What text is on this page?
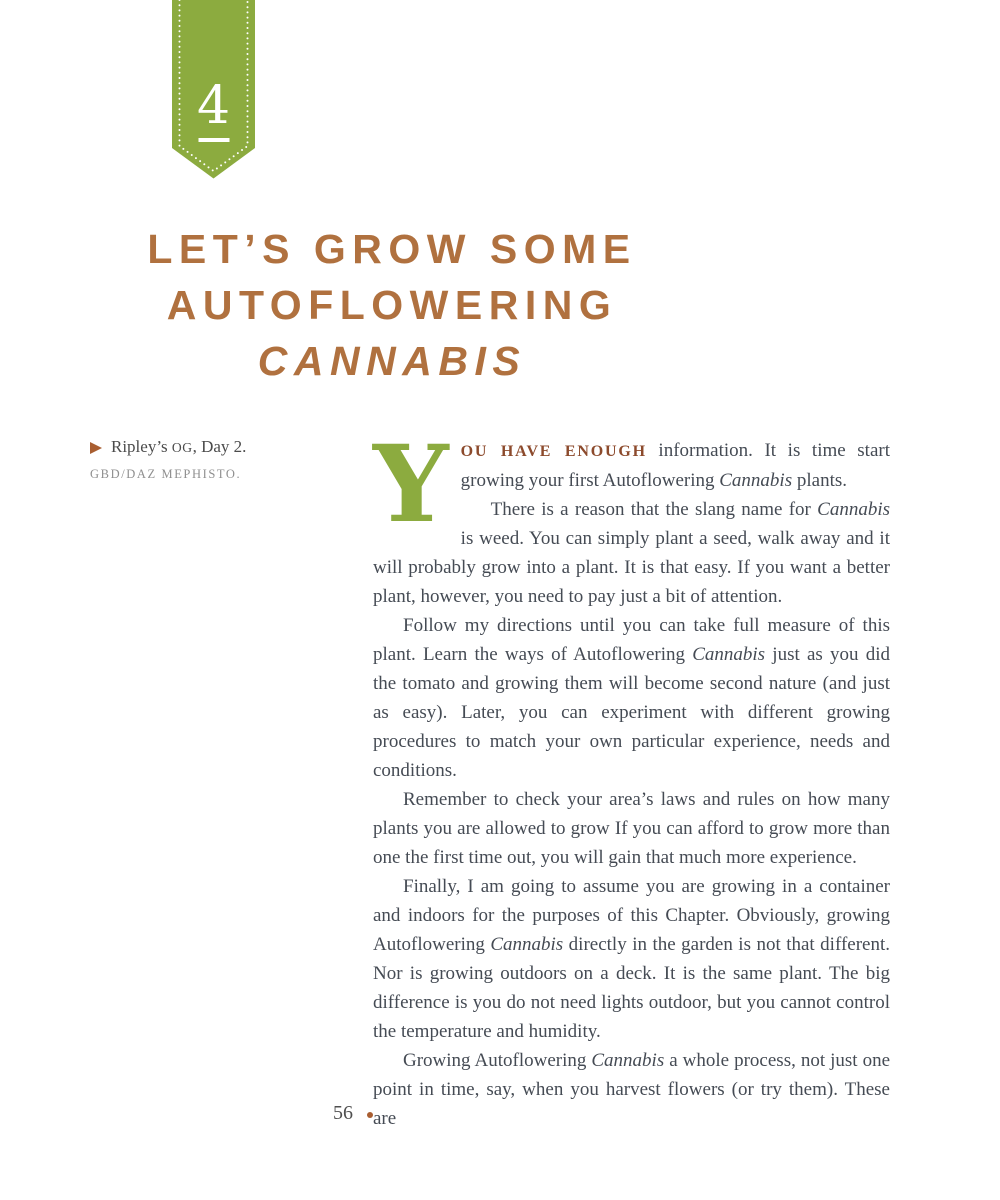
4
LET’S GROW SOME
AUTOFLOWERING
CANNABIS
Ripley’s OG, Day 2.
GBD/DAZ MEPHISTO.	YOU HAVE ENOUGH information. It is time start growing your first Autoflowering Cannabis plants.

There is a reason that the slang name for Cannabis is weed. You can simply plant a seed, walk away and it will probably grow into a plant. It is that easy. If you want a better plant, however, you need to pay just a bit of attention.

Follow my directions until you can take full measure of this plant. Learn the ways of Autoflowering Cannabis just as you did the tomato and growing them will become second nature (and just as easy). Later, you can experiment with different growing procedures to match your own particular experience, needs and conditions.

Remember to check your area’s laws and rules on how many plants you are allowed to grow If you can afford to grow more than one the first time out, you will gain that much more experience.

Finally, I am going to assume you are growing in a container and indoors for the purposes of this Chapter. Obviously, growing Autoflowering Cannabis directly in the garden is not that different. Nor is growing outdoors on a deck. It is the same plant. The big difference is you do not need lights outdoor, but you cannot control the temperature and humidity.

Growing Autoflowering Cannabis a whole process, not just one point in time, say, when you harvest flowers (or try them). These are

56
